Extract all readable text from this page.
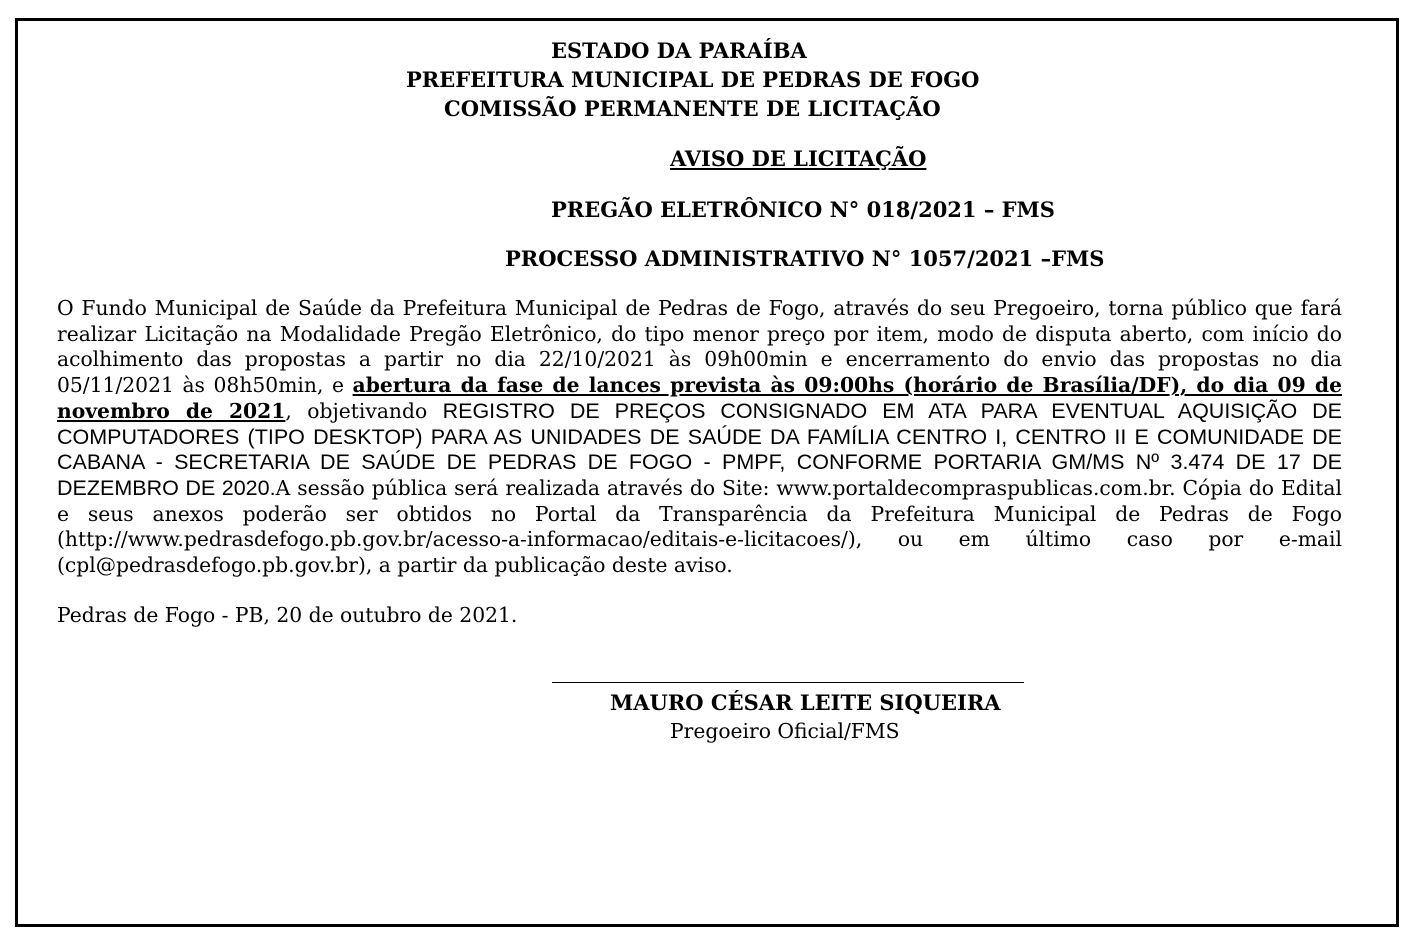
ESTADO DA PARAÍBA
PREFEITURA MUNICIPAL DE PEDRAS DE FOGO
COMISSÃO PERMANENTE DE LICITAÇÃO
AVISO DE LICITAÇÃO
PREGÃO ELETRÔNICO N° 018/2021 – FMS
PROCESSO ADMINISTRATIVO N° 1057/2021 –FMS
O Fundo Municipal de Saúde da Prefeitura Municipal de Pedras de Fogo, através do seu Pregoeiro, torna público que fará realizar Licitação na Modalidade Pregão Eletrônico, do tipo menor preço por item, modo de disputa aberto, com início do acolhimento das propostas a partir no dia 22/10/2021 às 09h00min e encerramento do envio das propostas no dia 05/11/2021 às 08h50min, e abertura da fase de lances prevista às 09:00hs (horário de Brasília/DF), do dia 09 de novembro de 2021, objetivando REGISTRO DE PREÇOS CONSIGNADO EM ATA PARA EVENTUAL AQUISIÇÃO DE COMPUTADORES (TIPO DESKTOP) PARA AS UNIDADES DE SAÚDE DA FAMÍLIA CENTRO I, CENTRO II E COMUNIDADE DE CABANA - SECRETARIA DE SAÚDE DE PEDRAS DE FOGO - PMPF, CONFORME PORTARIA GM/MS Nº 3.474 DE 17 DE DEZEMBRO DE 2020.A sessão pública será realizada através do Site: www.portaldecompraspublicas.com.br. Cópia do Edital e seus anexos poderão ser obtidos no Portal da Transparência da Prefeitura Municipal de Pedras de Fogo (http://www.pedrasdefogo.pb.gov.br/acesso-a-informacao/editais-e-licitacoes/), ou em último caso por e-mail (cpl@pedrasdefogo.pb.gov.br), a partir da publicação deste aviso.
Pedras de Fogo - PB, 20 de outubro de 2021.
MAURO CÉSAR LEITE SIQUEIRA
Pregoeiro Oficial/FMS
